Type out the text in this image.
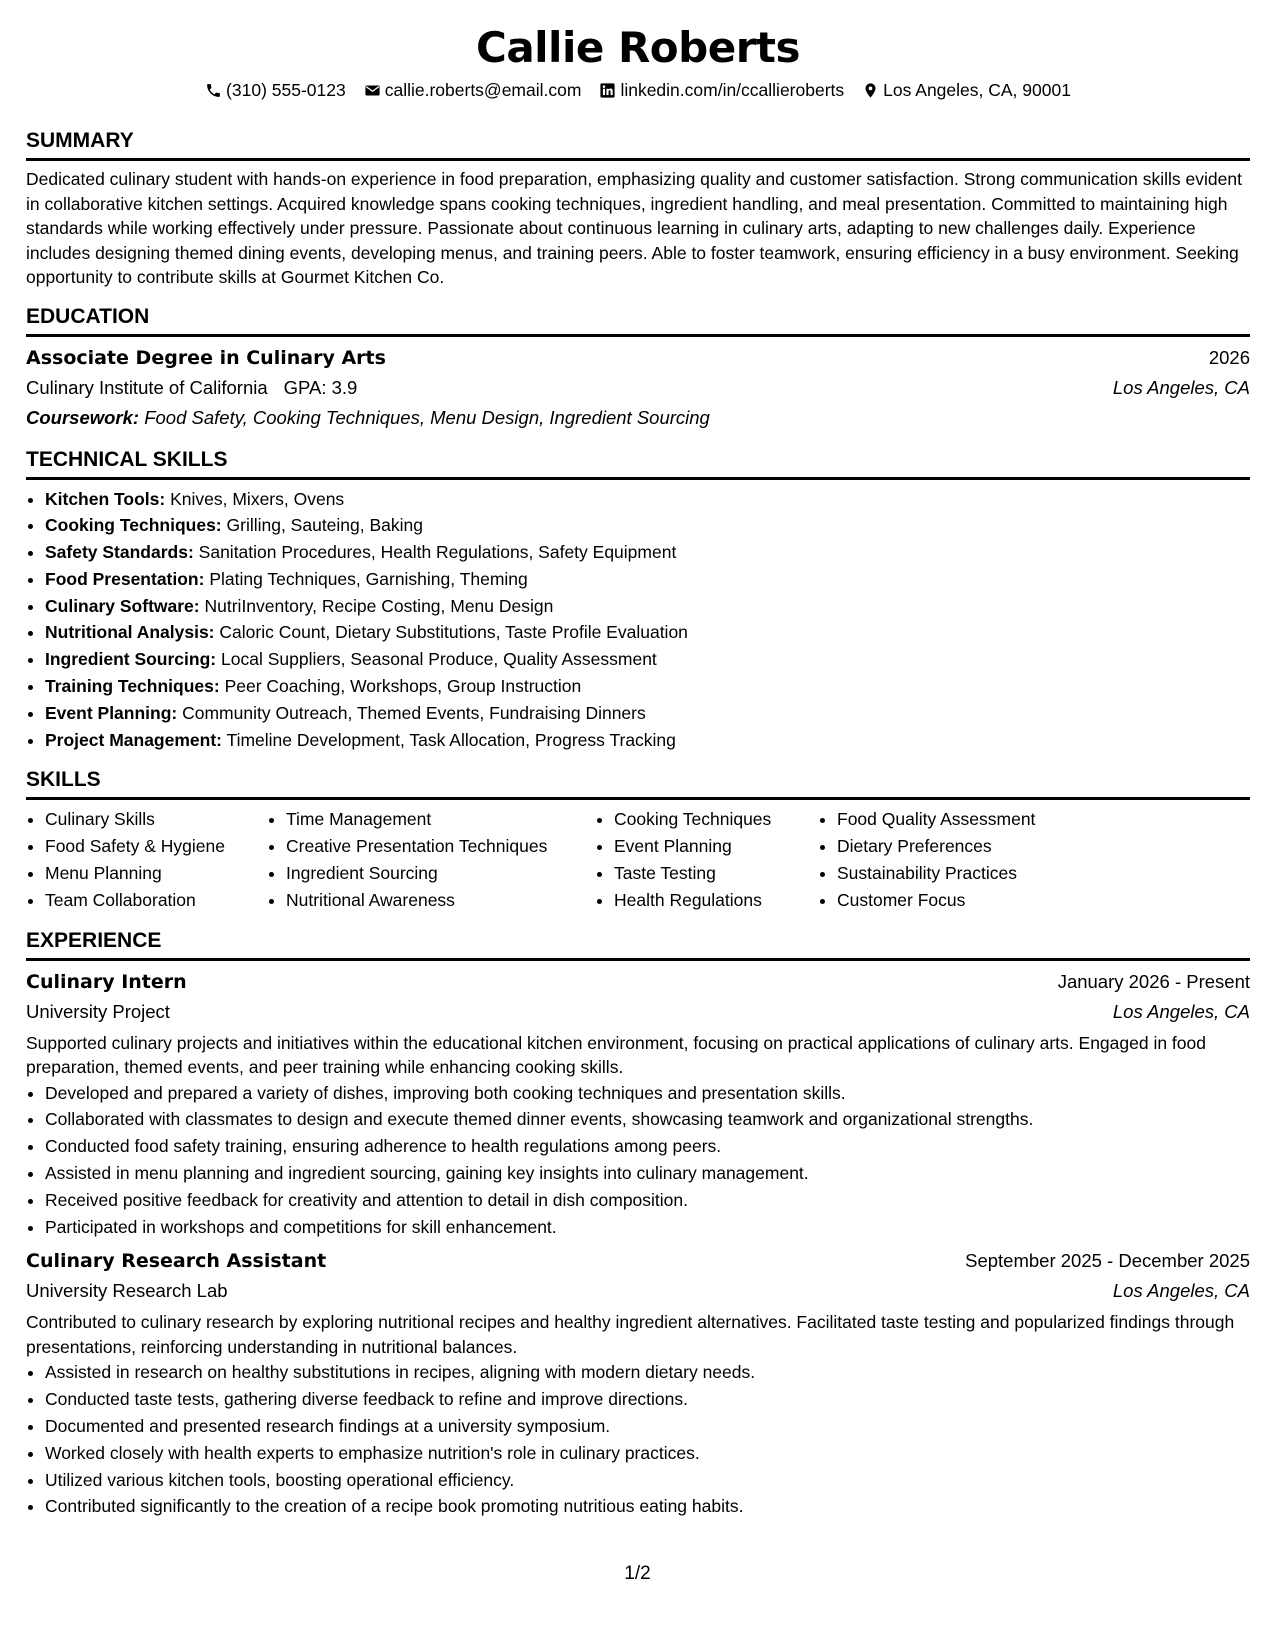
Callie Roberts
(310) 555-0123 callie.roberts@email.com linkedin.com/in/ccallieroberts Los Angeles, CA, 90001
SUMMARY

Dedicated culinary student with hands-on experience in food preparation, emphasizing quality and customer satisfaction. Strong communication skills evident in collaborative kitchen settings. Acquired knowledge spans cooking techniques, ingredient handling, and meal presentation. Committed to maintaining high standards while working effectively under pressure. Passionate about continuous learning in culinary arts, adapting to new challenges daily. Experience includes designing themed dining events, developing menus, and training peers. Able to foster teamwork, ensuring efficiency in a busy environment. Seeking opportunity to contribute skills at Gourmet Kitchen Co.

EDUCATION
Associate Degree in Culinary Arts	2026
Culinary Institute of California GPA: 3.9	Los Angeles, CA
Coursework: Food Safety, Cooking Techniques, Menu Design, Ingredient Sourcing
TECHNICAL SKILLS
• Kitchen Tools: Knives, Mixers, Ovens
• Cooking Techniques: Grilling, Sauteing, Baking
• Safety Standards: Sanitation Procedures, Health Regulations, Safety Equipment
• Food Presentation: Plating Techniques, Garnishing, Theming
• Culinary Software: NutriInventory, Recipe Costing, Menu Design
• Nutritional Analysis: Caloric Count, Dietary Substitutions, Taste Profile Evaluation
• Ingredient Sourcing: Local Suppliers, Seasonal Produce, Quality Assessment
• Training Techniques: Peer Coaching, Workshops, Group Instruction
• Event Planning: Community Outreach, Themed Events, Fundraising Dinners
• Project Management: Timeline Development, Task Allocation, Progress Tracking
SKILLS
• Culinary Skills
• Food Safety & Hygiene
• Menu Planning
• Team Collaboration
• Time Management
• Creative Presentation Techniques
• Ingredient Sourcing
• Nutritional Awareness
• Cooking Techniques
• Event Planning
• Taste Testing
• Health Regulations
• Food Quality Assessment
• Dietary Preferences
• Sustainability Practices
• Customer Focus
EXPERIENCE
Culinary Intern	January 2026 - Present
University Project	Los Angeles, CA

Supported culinary projects and initiatives within the educational kitchen environment, focusing on practical applications of culinary arts. Engaged in food preparation, themed events, and peer training while enhancing cooking skills.

• Developed and prepared a variety of dishes, improving both cooking techniques and presentation skills.
• Collaborated with classmates to design and execute themed dinner events, showcasing teamwork and organizational strengths.
• Conducted food safety training, ensuring adherence to health regulations among peers.
• Assisted in menu planning and ingredient sourcing, gaining key insights into culinary management.
• Received positive feedback for creativity and attention to detail in dish composition.
• Participated in workshops and competitions for skill enhancement.
Culinary Research Assistant	September 2025 - December 2025
University Research Lab	Los Angeles, CA

Contributed to culinary research by exploring nutritional recipes and healthy ingredient alternatives. Facilitated taste testing and popularized findings through presentations, reinforcing understanding in nutritional balances.

• Assisted in research on healthy substitutions in recipes, aligning with modern dietary needs.
• Conducted taste tests, gathering diverse feedback to refine and improve directions.
• Documented and presented research findings at a university symposium.
• Worked closely with health experts to emphasize nutrition's role in culinary practices.
• Utilized various kitchen tools, boosting operational efficiency.
• Contributed significantly to the creation of a recipe book promoting nutritious eating habits.
1/2
